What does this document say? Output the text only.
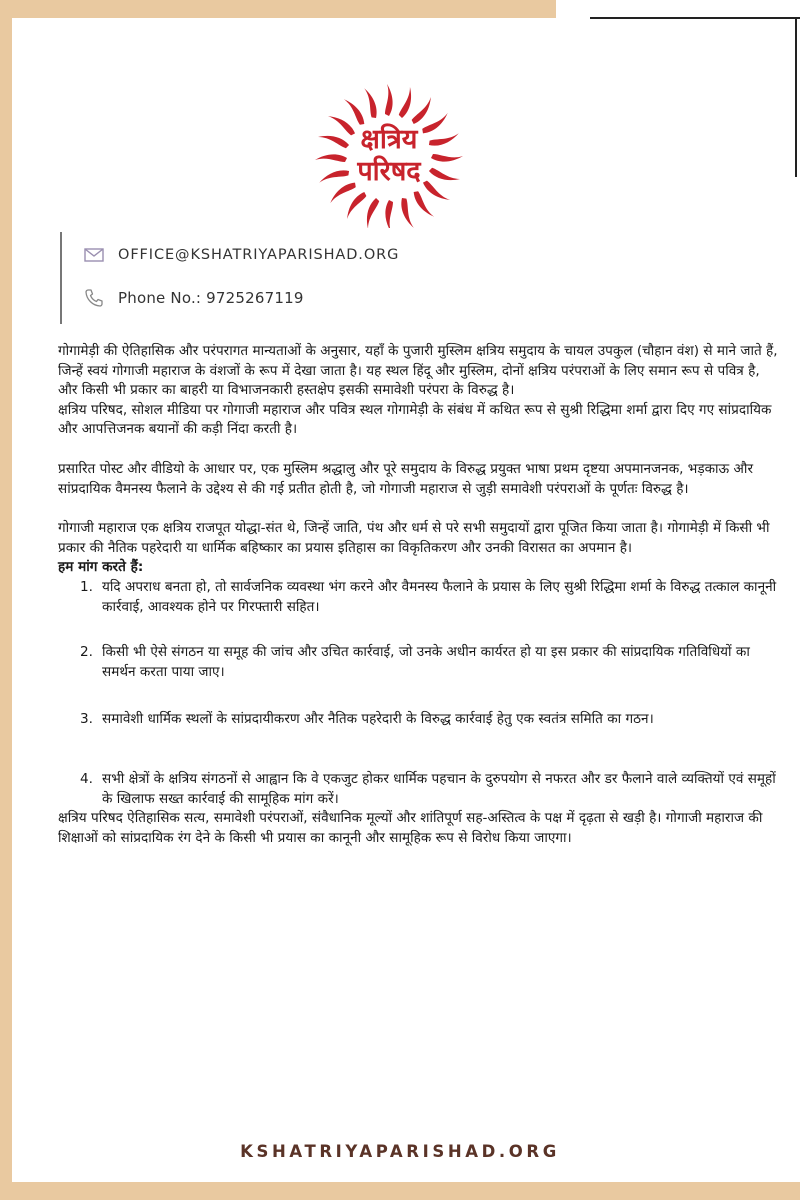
क्षत्रिय
परिषद
OFFICE@KSHATRIYAPARISHAD.ORG
Phone No.: 9725267119

गोगामेड़ी की ऐतिहासिक और परंपरागत मान्यताओं के अनुसार, यहाँ के पुजारी मुस्लिम क्षत्रिय समुदाय के चायल उपकुल (चौहान वंश) से माने जाते हैं, जिन्हें स्वयं गोगाजी महाराज के वंशजों के रूप में देखा जाता है। यह स्थल हिंदू और मुस्लिम, दोनों क्षत्रिय परंपराओं के लिए समान रूप से पवित्र है, और किसी भी प्रकार का बाहरी या विभाजनकारी हस्तक्षेप इसकी समावेशी परंपरा के विरुद्ध है।

क्षत्रिय परिषद, सोशल मीडिया पर गोगाजी महाराज और पवित्र स्थल गोगामेड़ी के संबंध में कथित रूप से सुश्री रिद्धिमा शर्मा द्वारा दिए गए सांप्रदायिक और आपत्तिजनक बयानों की कड़ी निंदा करती है।

प्रसारित पोस्ट और वीडियो के आधार पर, एक मुस्लिम श्रद्धालु और पूरे समुदाय के विरुद्ध प्रयुक्त भाषा प्रथम दृष्टया अपमानजनक, भड़काऊ और सांप्रदायिक वैमनस्य फैलाने के उद्देश्य से की गई प्रतीत होती है, जो गोगाजी महाराज से जुड़ी समावेशी परंपराओं के पूर्णतः विरुद्ध है।

गोगाजी महाराज एक क्षत्रिय राजपूत योद्धा-संत थे, जिन्हें जाति, पंथ और धर्म से परे सभी समुदायों द्वारा पूजित किया जाता है। गोगामेड़ी में किसी भी प्रकार की नैतिक पहरेदारी या धार्मिक बहिष्कार का प्रयास इतिहास का विकृतिकरण और उनकी विरासत का अपमान है।

हम मांग करते हैं:

1. यदि अपराध बनता हो, तो सार्वजनिक व्यवस्था भंग करने और वैमनस्य फैलाने के प्रयास के लिए सुश्री रिद्धिमा शर्मा के विरुद्ध तत्काल कानूनी कार्रवाई, आवश्यक होने पर गिरफ्तारी सहित।
2. किसी भी ऐसे संगठन या समूह की जांच और उचित कार्रवाई, जो उनके अधीन कार्यरत हो या इस प्रकार की सांप्रदायिक गतिविधियों का समर्थन करता पाया जाए।
3. समावेशी धार्मिक स्थलों के सांप्रदायीकरण और नैतिक पहरेदारी के विरुद्ध कार्रवाई हेतु एक स्वतंत्र समिति का गठन।
4. सभी क्षेत्रों के क्षत्रिय संगठनों से आह्वान कि वे एकजुट होकर धार्मिक पहचान के दुरुपयोग से नफरत और डर फैलाने वाले व्यक्तियों एवं समूहों के खिलाफ सख्त कार्रवाई की सामूहिक मांग करें।

क्षत्रिय परिषद ऐतिहासिक सत्य, समावेशी परंपराओं, संवैधानिक मूल्यों और शांतिपूर्ण सह-अस्तित्व के पक्ष में दृढ़ता से खड़ी है। गोगाजी महाराज की शिक्षाओं को सांप्रदायिक रंग देने के किसी भी प्रयास का कानूनी और सामूहिक रूप से विरोध किया जाएगा।

KSHATRIYAPARISHAD.ORG
